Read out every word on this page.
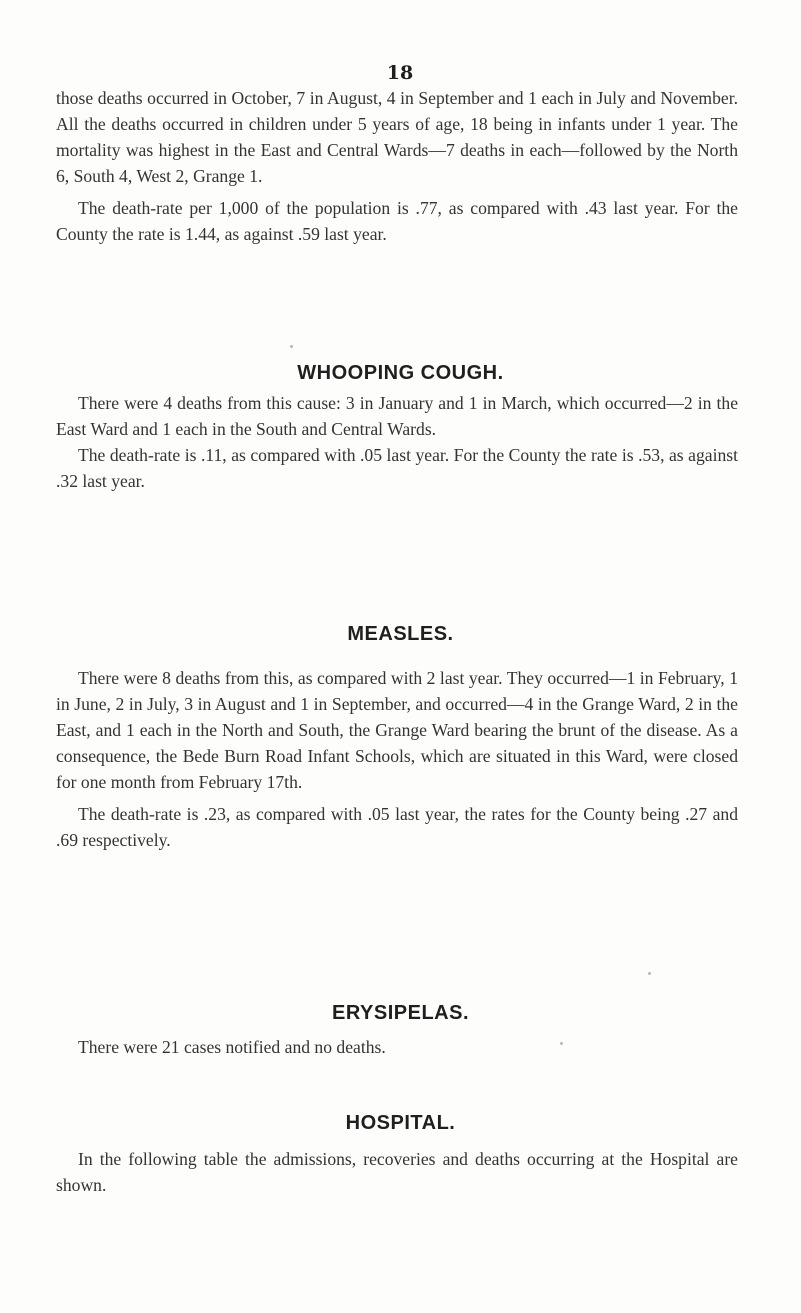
18

those deaths occurred in October, 7 in August, 4 in September and 1 each in July and November. All the deaths occurred in children under 5 years of age, 18 being in infants under 1 year. The mortality was highest in the East and Central Wards—7 deaths in each—followed by the North 6, South 4, West 2, Grange 1.

The death-rate per 1,000 of the population is .77, as compared with .43 last year. For the County the rate is 1.44, as against .59 last year.

WHOOPING COUGH.

There were 4 deaths from this cause: 3 in January and 1 in March, which occurred—2 in the East Ward and 1 each in the South and Central Wards.

The death-rate is .11, as compared with .05 last year. For the County the rate is .53, as against .32 last year.

MEASLES.

There were 8 deaths from this, as compared with 2 last year. They occurred—1 in February, 1 in June, 2 in July, 3 in August and 1 in September, and occurred—4 in the Grange Ward, 2 in the East, and 1 each in the North and South, the Grange Ward bearing the brunt of the disease. As a consequence, the Bede Burn Road Infant Schools, which are situated in this Ward, were closed for one month from February 17th.

The death-rate is .23, as compared with .05 last year, the rates for the County being .27 and .69 respectively.

ERYSIPELAS.

There were 21 cases notified and no deaths.

HOSPITAL.

In the following table the admissions, recoveries and deaths occurring at the Hospital are shown.
